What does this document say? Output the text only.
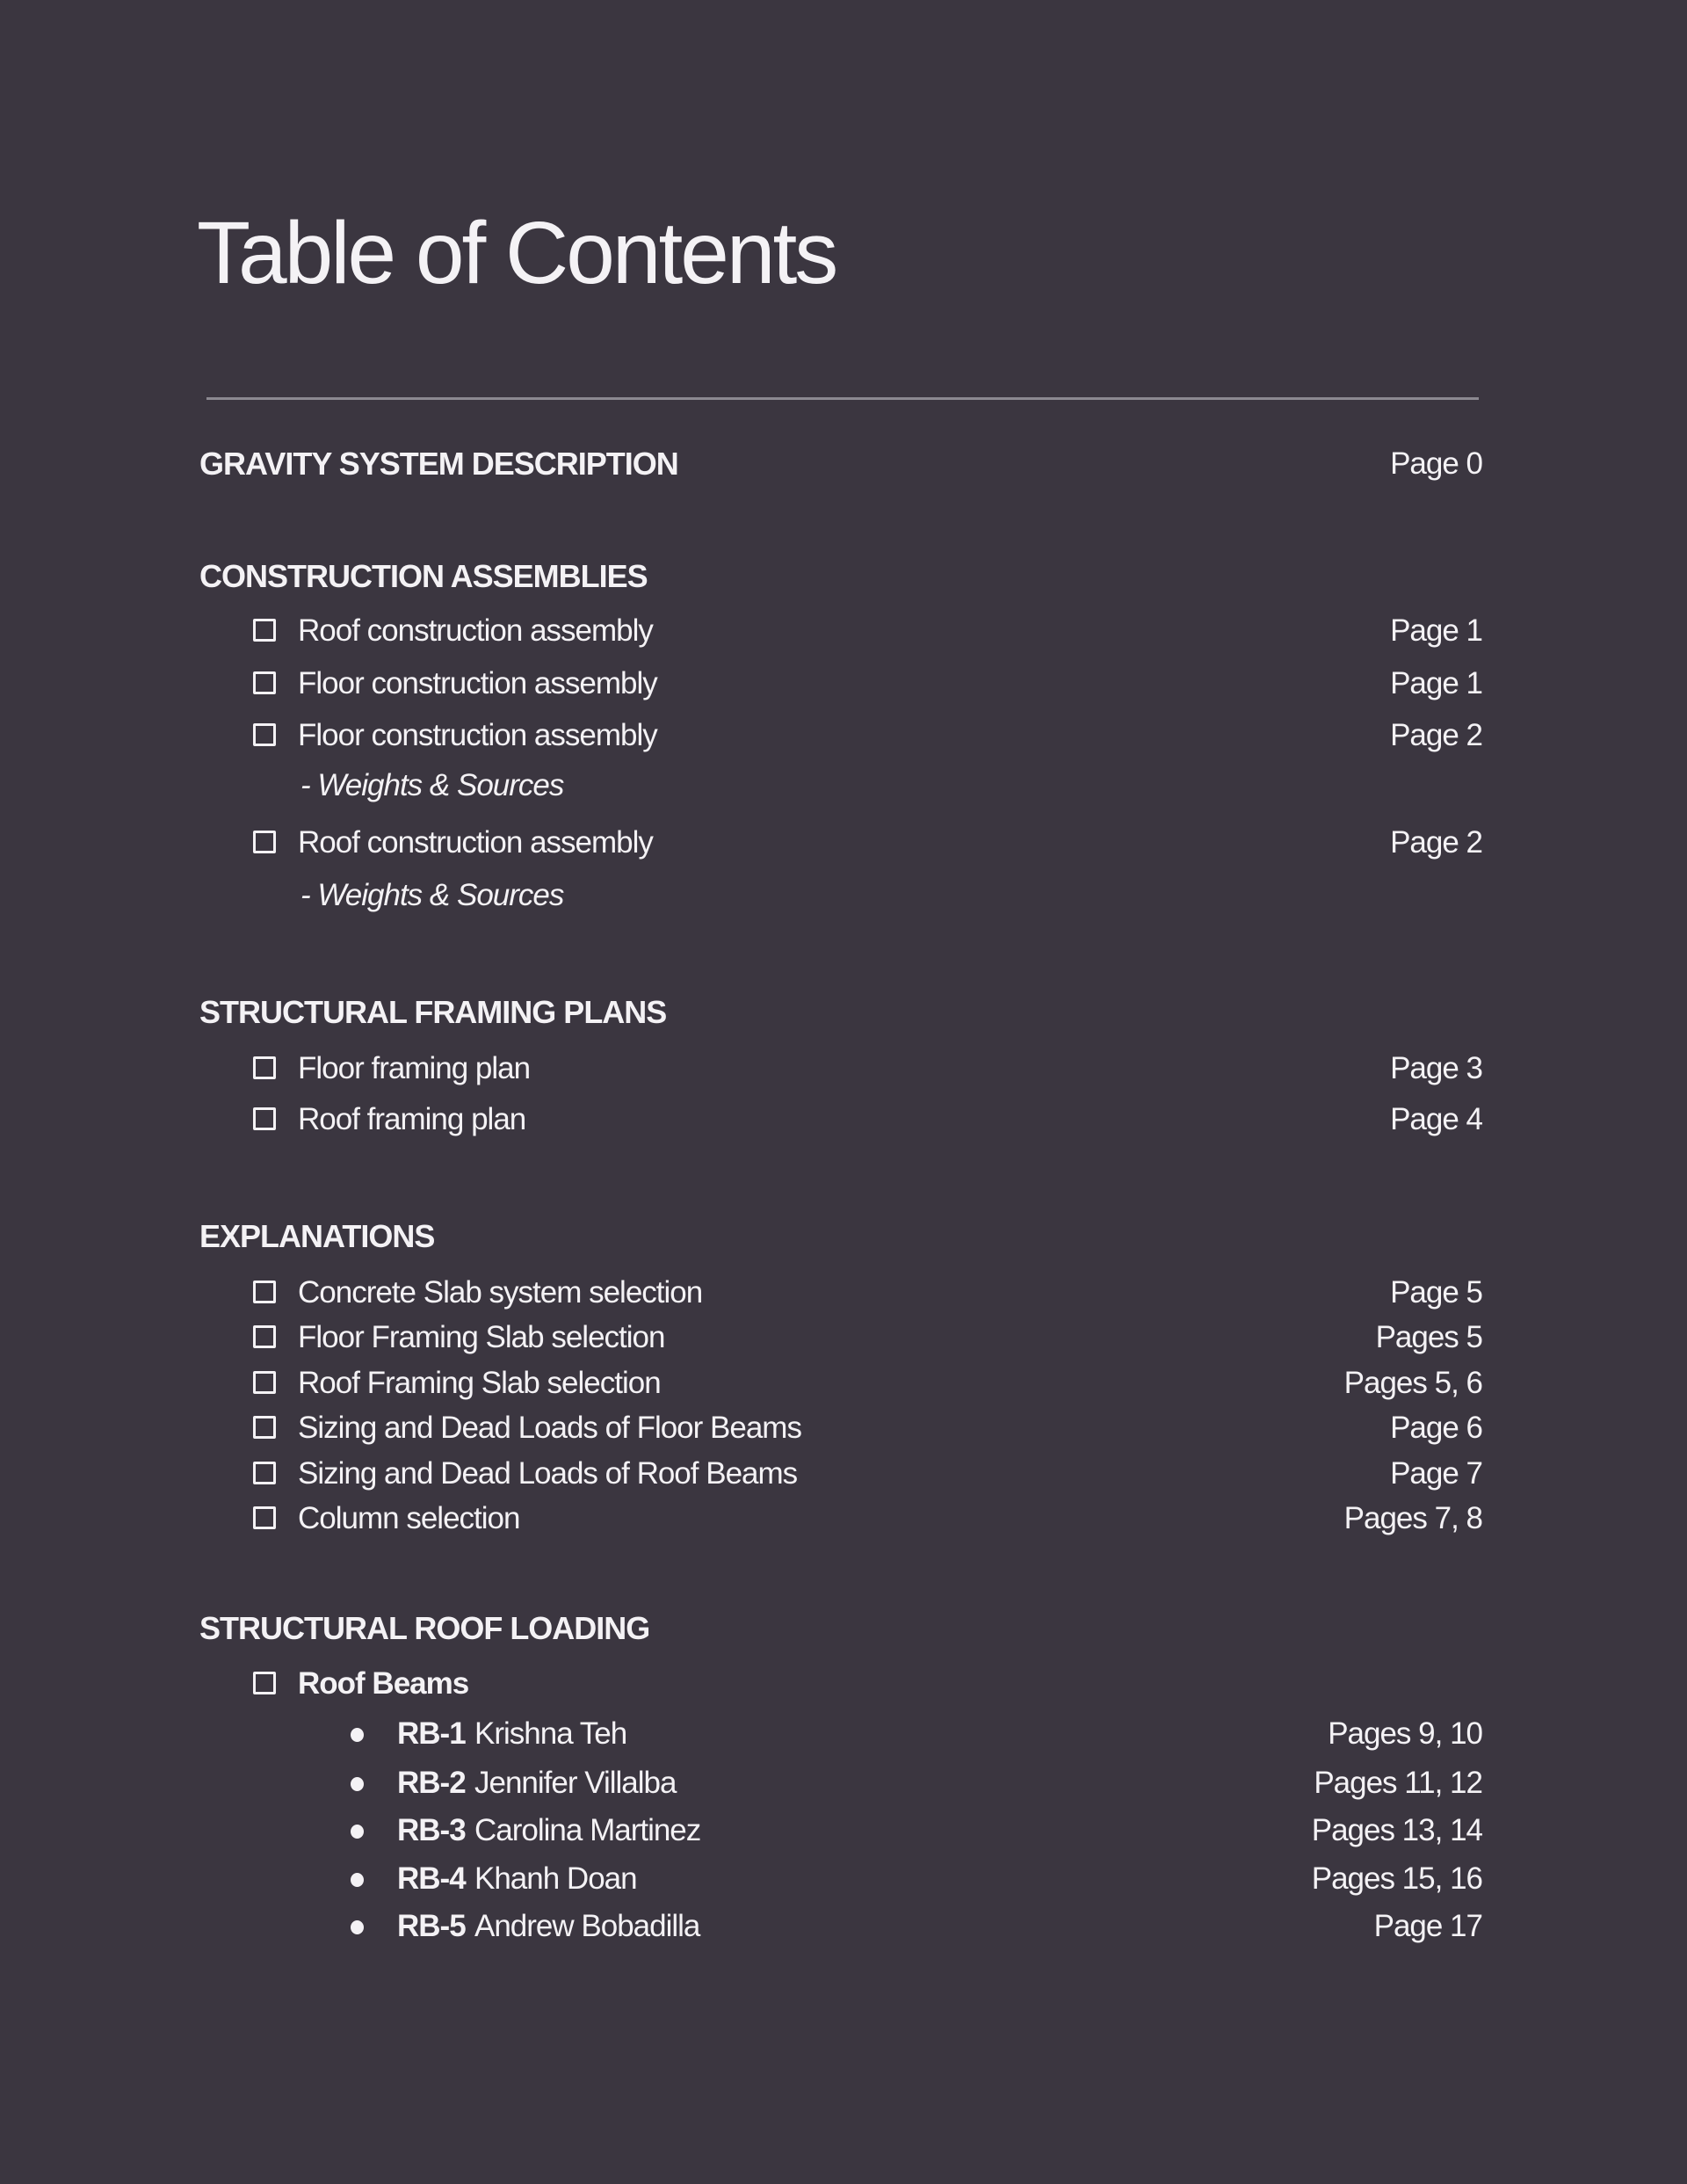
Table of Contents
GRAVITY SYSTEM DESCRIPTION	Page 0
CONSTRUCTION ASSEMBLIES
Roof construction assembly	Page 1
Floor construction assembly	Page 1
Floor construction assembly	Page 2
- Weights & Sources
Roof construction assembly	Page 2
- Weights & Sources
STRUCTURAL FRAMING PLANS
Floor framing plan	Page 3
Roof framing plan	Page 4
EXPLANATIONS
Concrete Slab system selection	Page 5
Floor Framing Slab selection	Pages 5
Roof Framing Slab selection	Pages 5, 6
Sizing and Dead Loads of Floor Beams	Page 6
Sizing and Dead Loads of Roof Beams	Page 7
Column selection	Pages 7, 8
STRUCTURAL ROOF LOADING
Roof Beams
RB-1 Krishna Teh	Pages 9, 10
RB-2 Jennifer Villalba	Pages 11, 12
RB-3 Carolina Martinez	Pages 13, 14
RB-4 Khanh Doan	Pages 15, 16
RB-5 Andrew Bobadilla	Page 17
